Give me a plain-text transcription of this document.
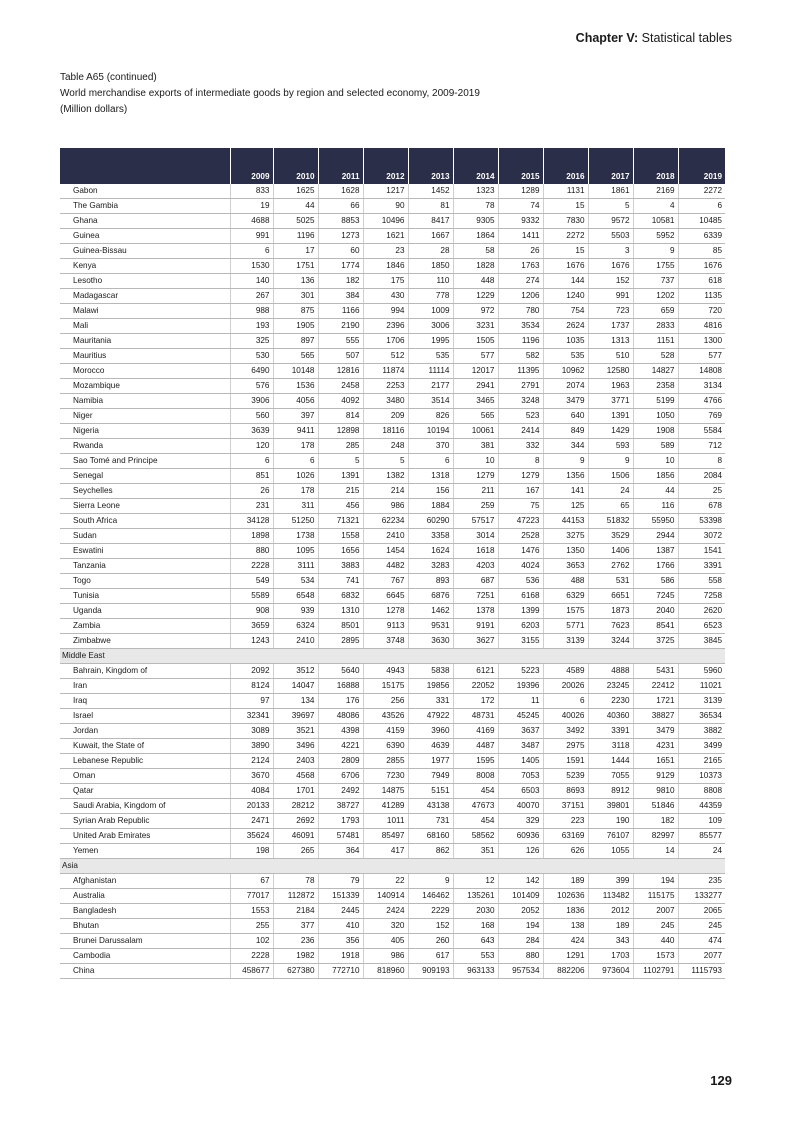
Chapter V: Statistical tables
Table A65 (continued)
World merchandise exports of intermediate goods by region and selected economy, 2009-2019
(Million dollars)
	2009	2010	2011	2012	2013	2014	2015	2016	2017	2018	2019
Gabon	833	1625	1628	1217	1452	1323	1289	1131	1861	2169	2272
The Gambia	19	44	66	90	81	78	74	15	5	4	6
Ghana	4688	5025	8853	10496	8417	9305	9332	7830	9572	10581	10485
Guinea	991	1196	1273	1621	1667	1864	1411	2272	5503	5952	6339
Guinea-Bissau	6	17	60	23	28	58	26	15	3	9	85
Kenya	1530	1751	1774	1846	1850	1828	1763	1676	1676	1755	1676
Lesotho	140	136	182	175	110	448	274	144	152	737	618
Madagascar	267	301	384	430	778	1229	1206	1240	991	1202	1135
Malawi	988	875	1166	994	1009	972	780	754	723	659	720
Mali	193	1905	2190	2396	3006	3231	3534	2624	1737	2833	4816
Mauritania	325	897	555	1706	1995	1505	1196	1035	1313	1151	1300
Mauritius	530	565	507	512	535	577	582	535	510	528	577
Morocco	6490	10148	12816	11874	11114	12017	11395	10962	12580	14827	14808
Mozambique	576	1536	2458	2253	2177	2941	2791	2074	1963	2358	3134
Namibia	3906	4056	4092	3480	3514	3465	3248	3479	3771	5199	4766
Niger	560	397	814	209	826	565	523	640	1391	1050	769
Nigeria	3639	9411	12898	18116	10194	10061	2414	849	1429	1908	5584
Rwanda	120	178	285	248	370	381	332	344	593	589	712
Sao Tomé and Principe	6	6	5	5	6	10	8	9	9	10	8
Senegal	851	1026	1391	1382	1318	1279	1279	1356	1506	1856	2084
Seychelles	26	178	215	214	156	211	167	141	24	44	25
Sierra Leone	231	311	456	986	1884	259	75	125	65	116	678
South Africa	34128	51250	71321	62234	60290	57517	47223	44153	51832	55950	53398
Sudan	1898	1738	1558	2410	3358	3014	2528	3275	3529	2944	3072
Eswatini	880	1095	1656	1454	1624	1618	1476	1350	1406	1387	1541
Tanzania	2228	3111	3883	4482	3283	4203	4024	3653	2762	1766	3391
Togo	549	534	741	767	893	687	536	488	531	586	558
Tunisia	5589	6548	6832	6645	6876	7251	6168	6329	6651	7245	7258
Uganda	908	939	1310	1278	1462	1378	1399	1575	1873	2040	2620
Zambia	3659	6324	8501	9113	9531	9191	6203	5771	7623	8541	6523
Zimbabwe	1243	2410	2895	3748	3630	3627	3155	3139	3244	3725	3845
Middle East											
Bahrain, Kingdom of	2092	3512	5640	4943	5838	6121	5223	4589	4888	5431	5960
Iran	8124	14047	16888	15175	19856	22052	19396	20026	23245	22412	11021
Iraq	97	134	176	256	331	172	11	6	2230	1721	3139
Israel	32341	39697	48086	43526	47922	48731	45245	40026	40360	38827	36534
Jordan	3089	3521	4398	4159	3960	4169	3637	3492	3391	3479	3882
Kuwait, the State of	3890	3496	4221	6390	4639	4487	3487	2975	3118	4231	3499
Lebanese Republic	2124	2403	2809	2855	1977	1595	1405	1591	1444	1651	2165
Oman	3670	4568	6706	7230	7949	8008	7053	5239	7055	9129	10373
Qatar	4084	1701	2492	14875	5151	454	6503	8693	8912	9810	8808
Saudi Arabia, Kingdom of	20133	28212	38727	41289	43138	47673	40070	37151	39801	51846	44359
Syrian Arab Republic	2471	2692	1793	1011	731	454	329	223	190	182	109
United Arab Emirates	35624	46091	57481	85497	68160	58562	60936	63169	76107	82997	85577
Yemen	198	265	364	417	862	351	126	626	1055	14	24
Asia											
Afghanistan	67	78	79	22	9	12	142	189	399	194	235
Australia	77017	112872	151339	140914	146462	135261	101409	102636	113482	115175	133277
Bangladesh	1553	2184	2445	2424	2229	2030	2052	1836	2012	2007	2065
Bhutan	255	377	410	320	152	168	194	138	189	245	245
Brunei Darussalam	102	236	356	405	260	643	284	424	343	440	474
Cambodia	2228	1982	1918	986	617	553	880	1291	1703	1573	2077
China	458677	627380	772710	818960	909193	963133	957534	882206	973604	1102791	1115793
129
